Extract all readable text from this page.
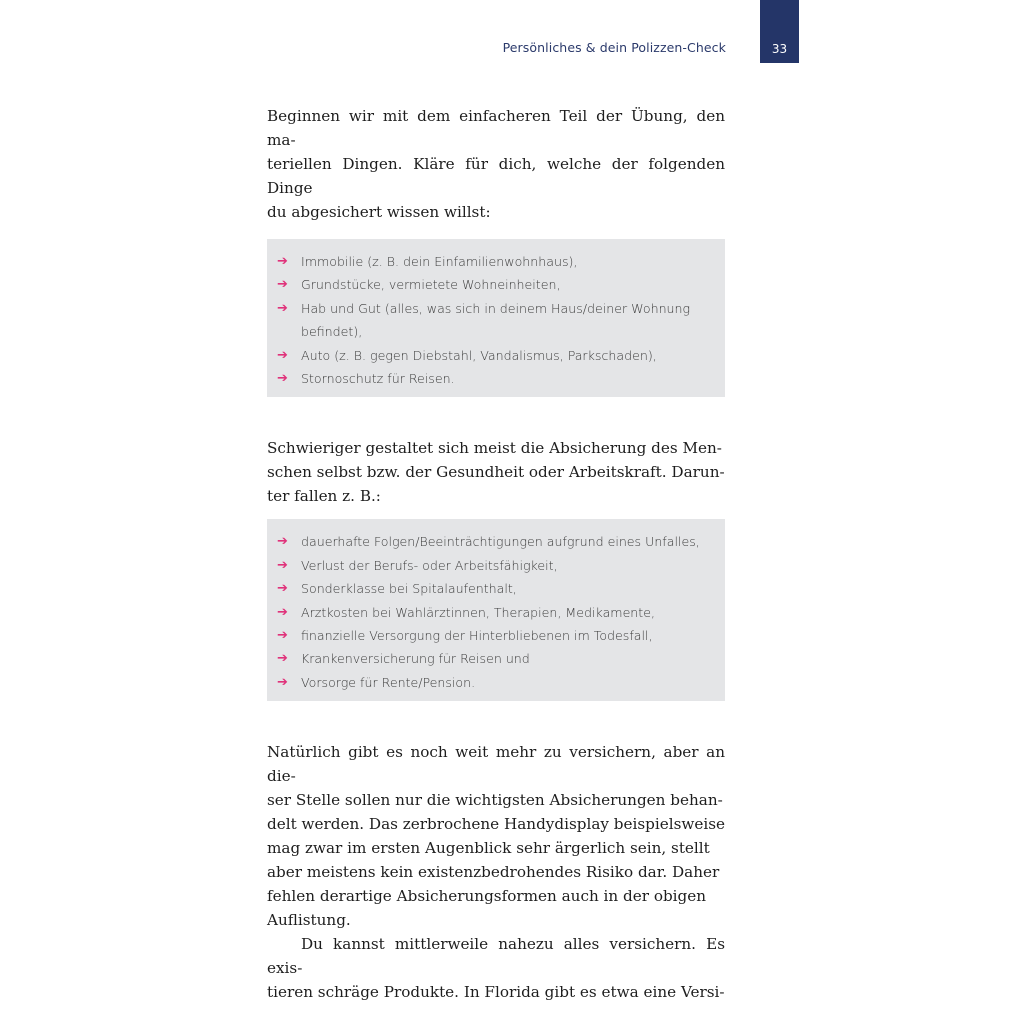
Persönliches & dein Polizzen-Check	33

Beginnen wir mit dem einfacheren Teil der Übung, den ma-
teriellen Dingen. Kläre für dich, welche der folgenden Dinge
du abgesichert wissen willst:

➔ Immobilie (z. B. dein Einfamilienwohnhaus),
➔ Grundstücke, vermietete Wohneinheiten,
➔ Hab und Gut (alles, was sich in deinem Haus/deiner Wohnung befindet),
➔ Auto (z. B. gegen Diebstahl, Vandalismus, Parkschaden),
➔ Stornoschutz für Reisen.

Schwieriger gestaltet sich meist die Absicherung des Men-
schen selbst bzw. der Gesundheit oder Arbeitskraft. Darun-
ter fallen z. B.:

➔ dauerhafte Folgen/Beeinträchtigungen aufgrund eines Unfalles,
➔ Verlust der Berufs- oder Arbeitsfähigkeit,
➔ Sonderklasse bei Spitalaufenthalt,
➔ Arztkosten bei Wahlärztinnen, Therapien, Medikamente,
➔ finanzielle Versorgung der Hinterbliebenen im Todesfall,
➔ Krankenversicherung für Reisen und
➔ Vorsorge für Rente/Pension.

Natürlich gibt es noch weit mehr zu versichern, aber an die-
ser Stelle sollen nur die wichtigsten Absicherungen behan-
delt werden. Das zerbrochene Handydisplay beispielsweise
mag zwar im ersten Augenblick sehr ärgerlich sein, stellt
aber meistens kein existenzbedrohendes Risiko dar. Daher
fehlen derartige Absicherungsformen auch in der obigen
Auflistung.

Du kannst mittlerweile nahezu alles versichern. Es exis-
tieren schräge Produkte. In Florida gibt es etwa eine Versi-
